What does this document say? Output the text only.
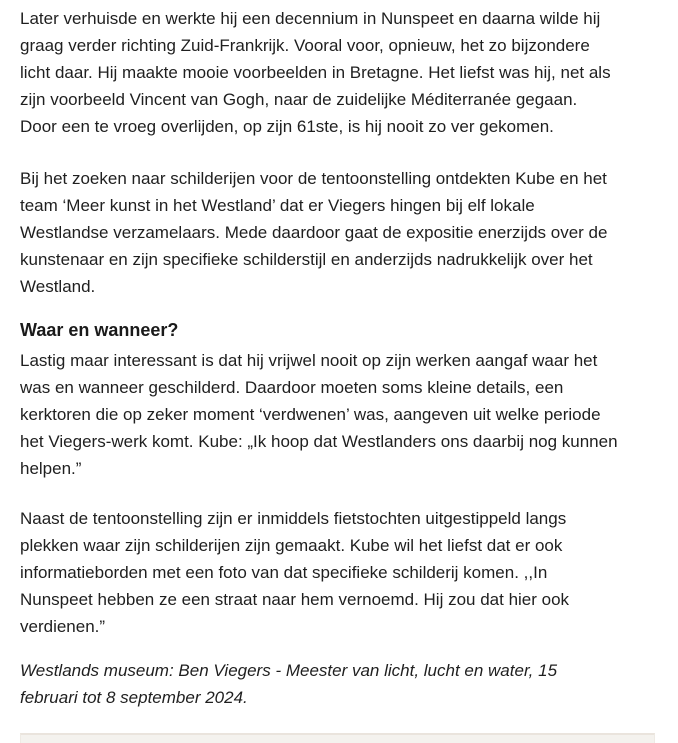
Later verhuisde en werkte hij een decennium in Nunspeet en daarna wilde hij
graag verder richting Zuid-Frankrijk. Vooral voor, opnieuw, het zo bijzondere
licht daar. Hij maakte mooie voorbeelden in Bretagne. Het liefst was hij, net als
zijn voorbeeld Vincent van Gogh, naar de zuidelijke Méditerranée gegaan.
Door een te vroeg overlijden, op zijn 61ste, is hij nooit zo ver gekomen.

Bij het zoeken naar schilderijen voor de tentoonstelling ontdekten Kube en het
team ‘Meer kunst in het Westland’ dat er Viegers hingen bij elf lokale
Westlandse verzamelaars. Mede daardoor gaat de expositie enerzijds over de
kunstenaar en zijn specifieke schilderstijl en anderzijds nadrukkelijk over het
Westland.

Waar en wanneer?

Lastig maar interessant is dat hij vrijwel nooit op zijn werken aangaf waar het
was en wanneer geschilderd. Daardoor moeten soms kleine details, een
kerktoren die op zeker moment ‘verdwenen’ was, aangeven uit welke periode
het Viegers-werk komt. Kube: „Ik hoop dat Westlanders ons daarbij nog kunnen
helpen.”

Naast de tentoonstelling zijn er inmiddels fietstochten uitgestippeld langs
plekken waar zijn schilderijen zijn gemaakt. Kube wil het liefst dat er ook
informatieborden met een foto van dat specifieke schilderij komen. ,,In
Nunspeet hebben ze een straat naar hem vernoemd. Hij zou dat hier ook
verdienen.”

Westlands museum: Ben Viegers - Meester van licht, lucht en water, 15
februari tot 8 september 2024.
